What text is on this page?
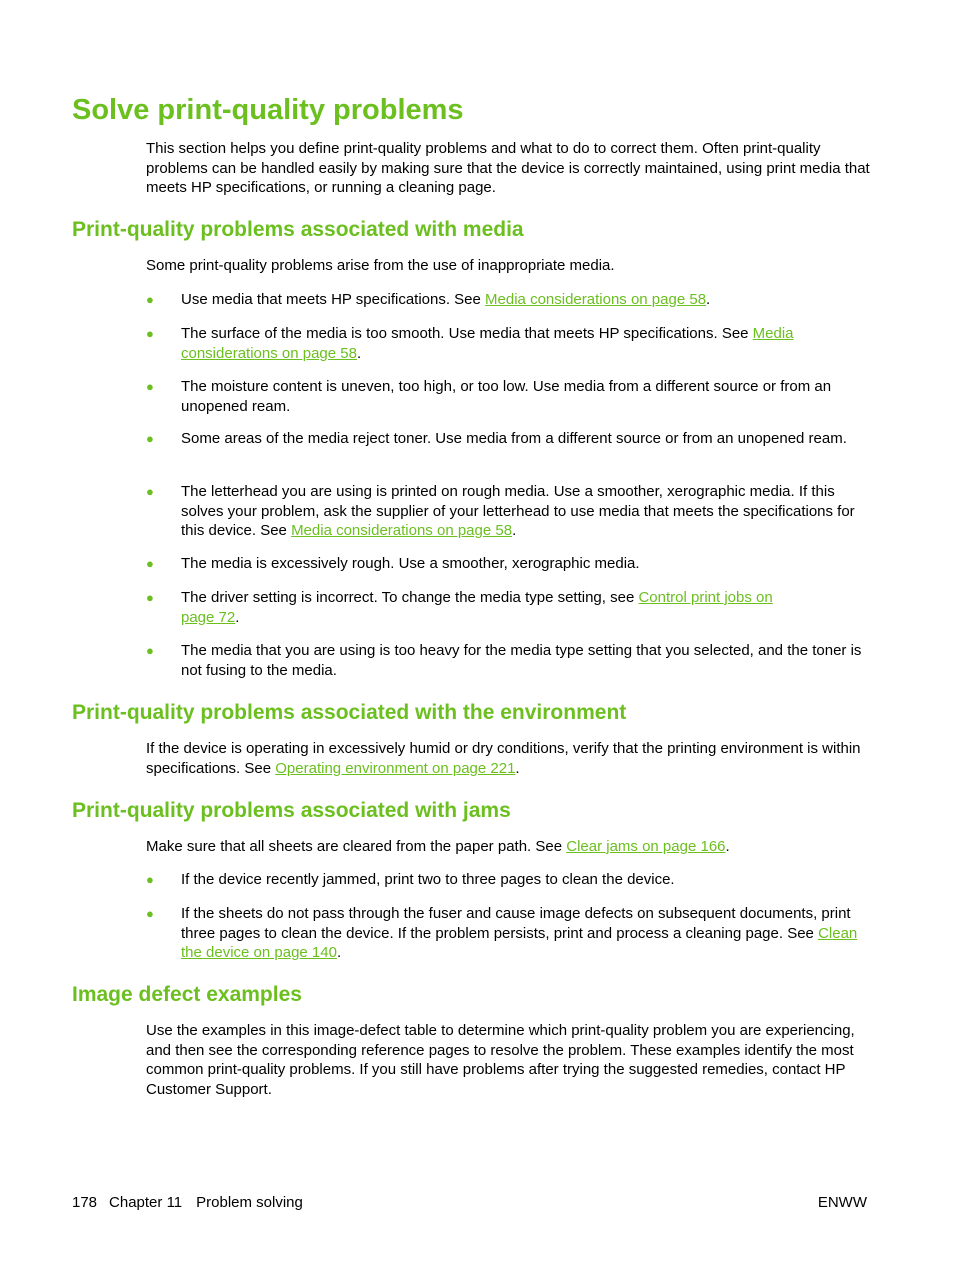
Solve print-quality problems

This section helps you define print-quality problems and what to do to correct them. Often print-quality problems can be handled easily by making sure that the device is correctly maintained, using print media that meets HP specifications, or running a cleaning page.

Print-quality problems associated with media

Some print-quality problems arise from the use of inappropriate media.

● Use media that meets HP specifications. See Media considerations on page 58.
● The surface of the media is too smooth. Use media that meets HP specifications. See Media considerations on page 58.
● The moisture content is uneven, too high, or too low. Use media from a different source or from an unopened ream.
● Some areas of the media reject toner. Use media from a different source or from an unopened ream.
● The letterhead you are using is printed on rough media. Use a smoother, xerographic media. If this solves your problem, ask the supplier of your letterhead to use media that meets the specifications for this device. See Media considerations on page 58.
● The media is excessively rough. Use a smoother, xerographic media.
● The driver setting is incorrect. To change the media type setting, see Control print jobs on page 72.
● The media that you are using is too heavy for the media type setting that you selected, and the toner is not fusing to the media.
Print-quality problems associated with the environment

If the device is operating in excessively humid or dry conditions, verify that the printing environment is within specifications. See Operating environment on page 221.

Print-quality problems associated with jams

Make sure that all sheets are cleared from the paper path. See Clear jams on page 166.

● If the device recently jammed, print two to three pages to clean the device.
● If the sheets do not pass through the fuser and cause image defects on subsequent documents, print three pages to clean the device. If the problem persists, print and process a cleaning page. See Clean the device on page 140.
Image defect examples

Use the examples in this image-defect table to determine which print-quality problem you are experiencing, and then see the corresponding reference pages to resolve the problem. These examples identify the most common print-quality problems. If you still have problems after trying the suggested remedies, contact HP Customer Support.

178 Chapter 11 Problem solving	ENWW
